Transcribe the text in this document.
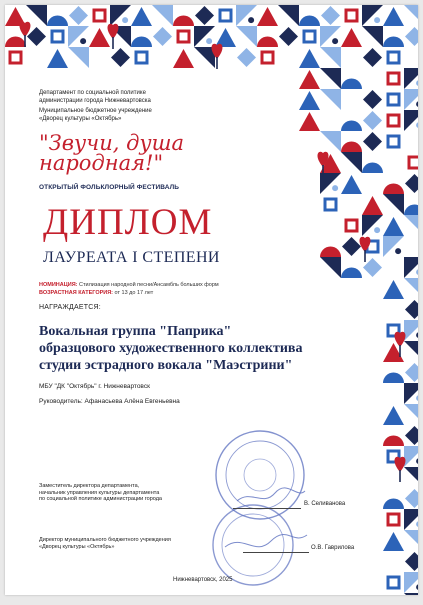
Департамент по социальной политике
администрации города Нижневартовска
Муниципальное бюджетное учреждение
«Дворец культуры «Октябрь»
"Звучи, душа
народная!"
ОТКРЫТЫЙ ФОЛЬКЛОРНЫЙ ФЕСТИВАЛЬ
ДИПЛОМ
ЛАУРЕАТА I СТЕПЕНИ
НОМИНАЦИЯ: Стилизация народной песни/Ансамбль больших форм
ВОЗРАСТНАЯ КАТЕГОРИЯ: от 13 до 17 лет
НАГРАЖДАЕТСЯ:
Вокальная группа "Паприка"
образцового художественного коллектива
студии эстрадного вокала "Маэстрини"
МБУ "ДК "Октябрь" г. Нижневартовск
Руководитель: Афанасьева Алёна Евгеньевна
Заместитель директора департамента,
начальник управления культуры департамента
по социальной политике администрации города
В. Селиванова
Директор муниципального бюджетного учреждения
«Дворец культуры «Октябрь»	О.В. Гаврилова
Нижневартовск, 2025
